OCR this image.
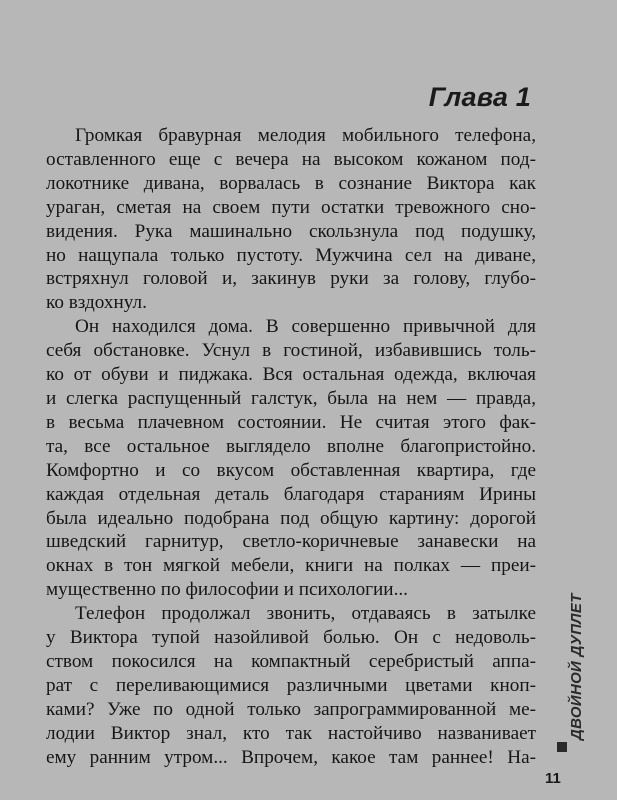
Глава 1
Громкая бравурная мелодия мобильного телефона,
оставленного еще с вечера на высоком кожаном под-
локотнике дивана, ворвалась в сознание Виктора как
ураган, сметая на своем пути остатки тревожного сно-
видения. Рука машинально скользнула под подушку,
но нащупала только пустоту. Мужчина сел на диване,
встряхнул головой и, закинув руки за голову, глубо-
ко вздохнул.
Он находился дома. В совершенно привычной для
себя обстановке. Уснул в гостиной, избавившись толь-
ко от обуви и пиджака. Вся остальная одежда, включая
и слегка распущенный галстук, была на нем — правда,
в весьма плачевном состоянии. Не считая этого фак-
та, все остальное выглядело вполне благопристойно.
Комфортно и со вкусом обставленная квартира, где
каждая отдельная деталь благодаря стараниям Ирины
была идеально подобрана под общую картину: дорогой
шведский гарнитур, светло-коричневые занавески на
окнах в тон мягкой мебели, книги на полках — преи-
мущественно по философии и психологии...
Телефон продолжал звонить, отдаваясь в затылке
у Виктора тупой назойливой болью. Он с недоволь-
ством покосился на компактный серебристый аппа-
рат с переливающимися различными цветами кноп-
ками? Уже по одной только запрограммированной ме-
лодии Виктор знал, кто так настойчиво названивает
ему ранним утром... Впрочем, какое там раннее! На-
ДВОЙНОЙ ДУПЛЕТ
11
